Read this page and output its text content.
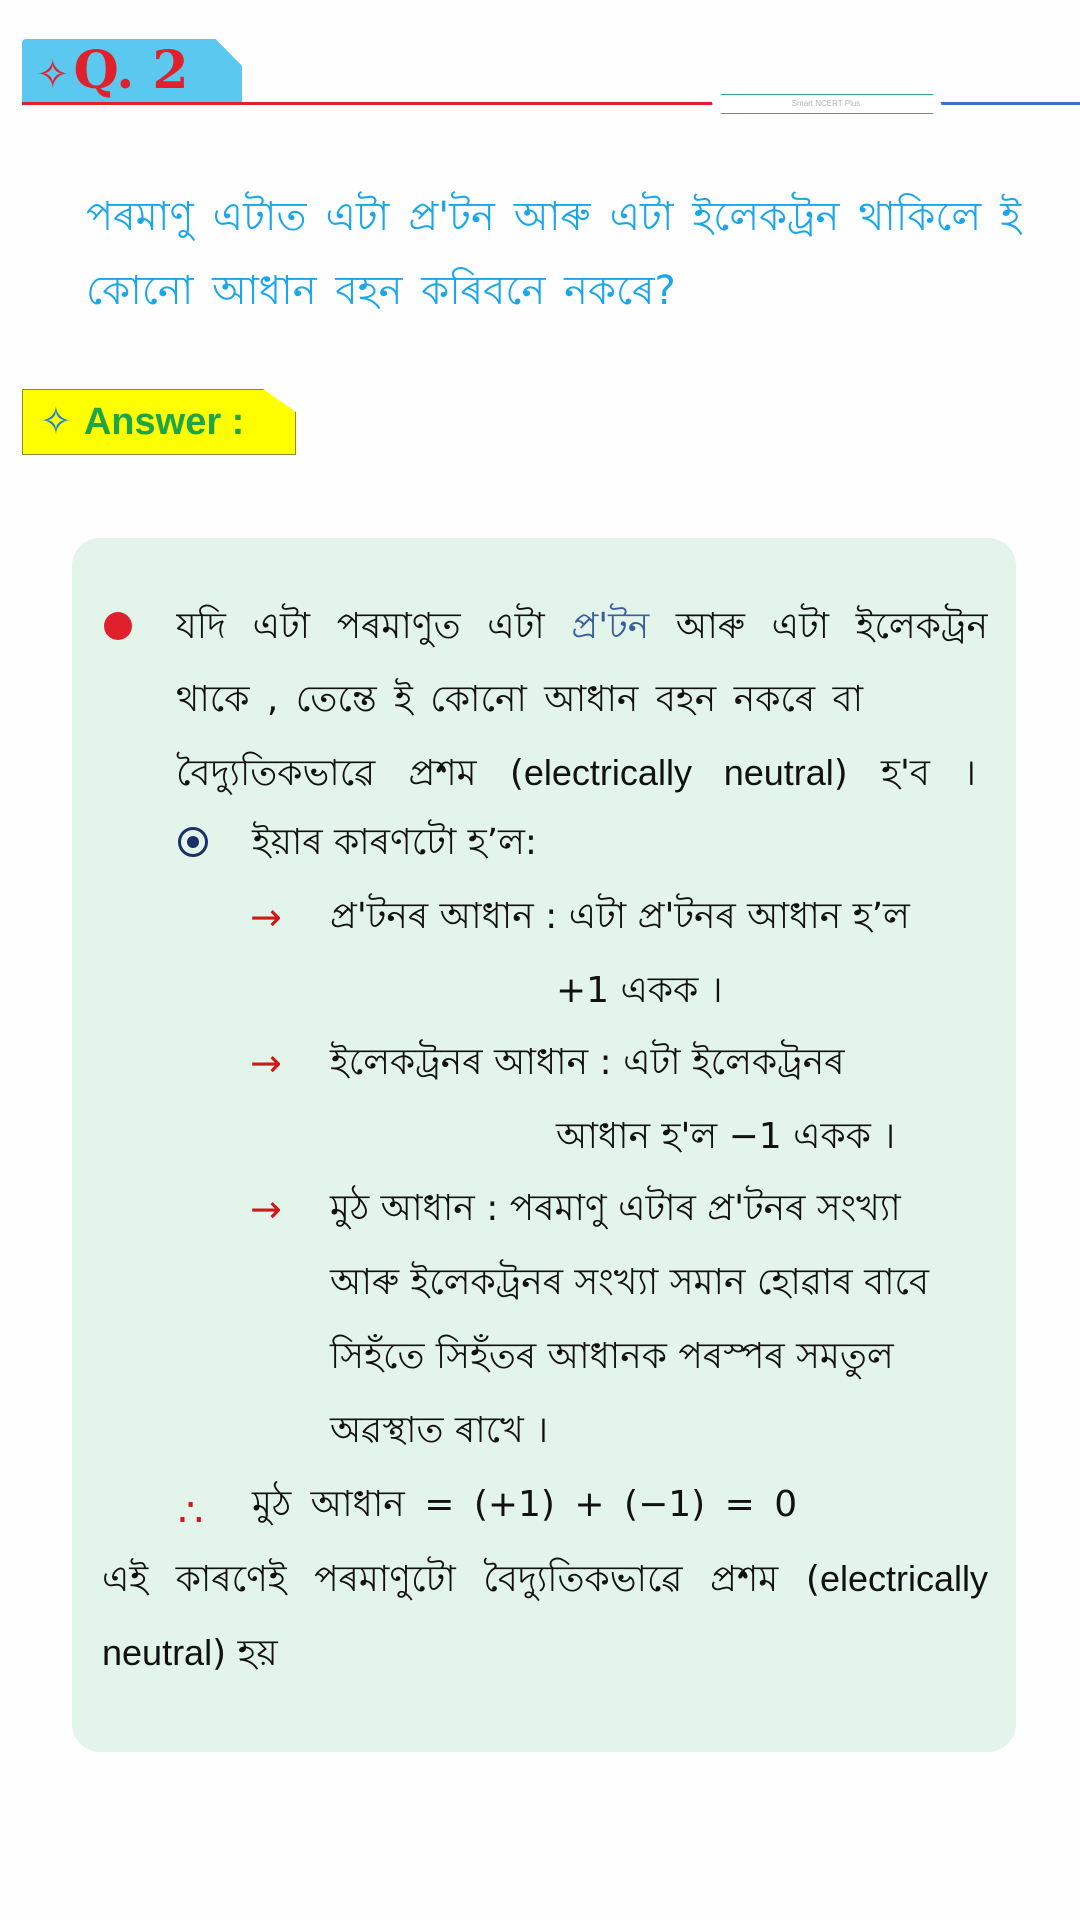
✧Q. 2
Smart NCERT Plus
পৰমাণু এটাত এটা প্ৰ'টন আৰু এটা ইলেকট্ৰন থাকিলে ই কোনো আধান বহন কৰিবনে নকৰে?
✧ Answer :
যদি এটা পৰমাণুত এটা প্ৰ'টন আৰু এটা ইলেকট্ৰন
থাকে , তেন্তে ই কোনো আধান বহন নকৰে বা
বৈদ্যুতিকভাৱে প্ৰশম (electrically neutral) হ'ব ।
ইয়াৰ কাৰণটো হ’ল:
→ প্ৰ'টনৰ আধান : এটা প্ৰ'টনৰ আধান হ’ল
+1 একক ।
→ ইলেকট্ৰনৰ আধান : এটা ইলেকট্ৰনৰ
আধান হ'ল −1 একক ।
→ মুঠ আধান : পৰমাণু এটাৰ প্ৰ'টনৰ সংখ্যা
আৰু ইলেকট্ৰনৰ সংখ্যা সমান হোৱাৰ বাবে
সিহঁতে সিহঁতৰ আধানক পৰস্পৰ সমতুল
অৱস্থাত ৰাখে ।
∴ মুঠ আধান = (+1) + (−1) = 0
এই কাৰণেই পৰমাণুটো বৈদ্যুতিকভাৱে প্ৰশম (electrically
neutral) হয়
